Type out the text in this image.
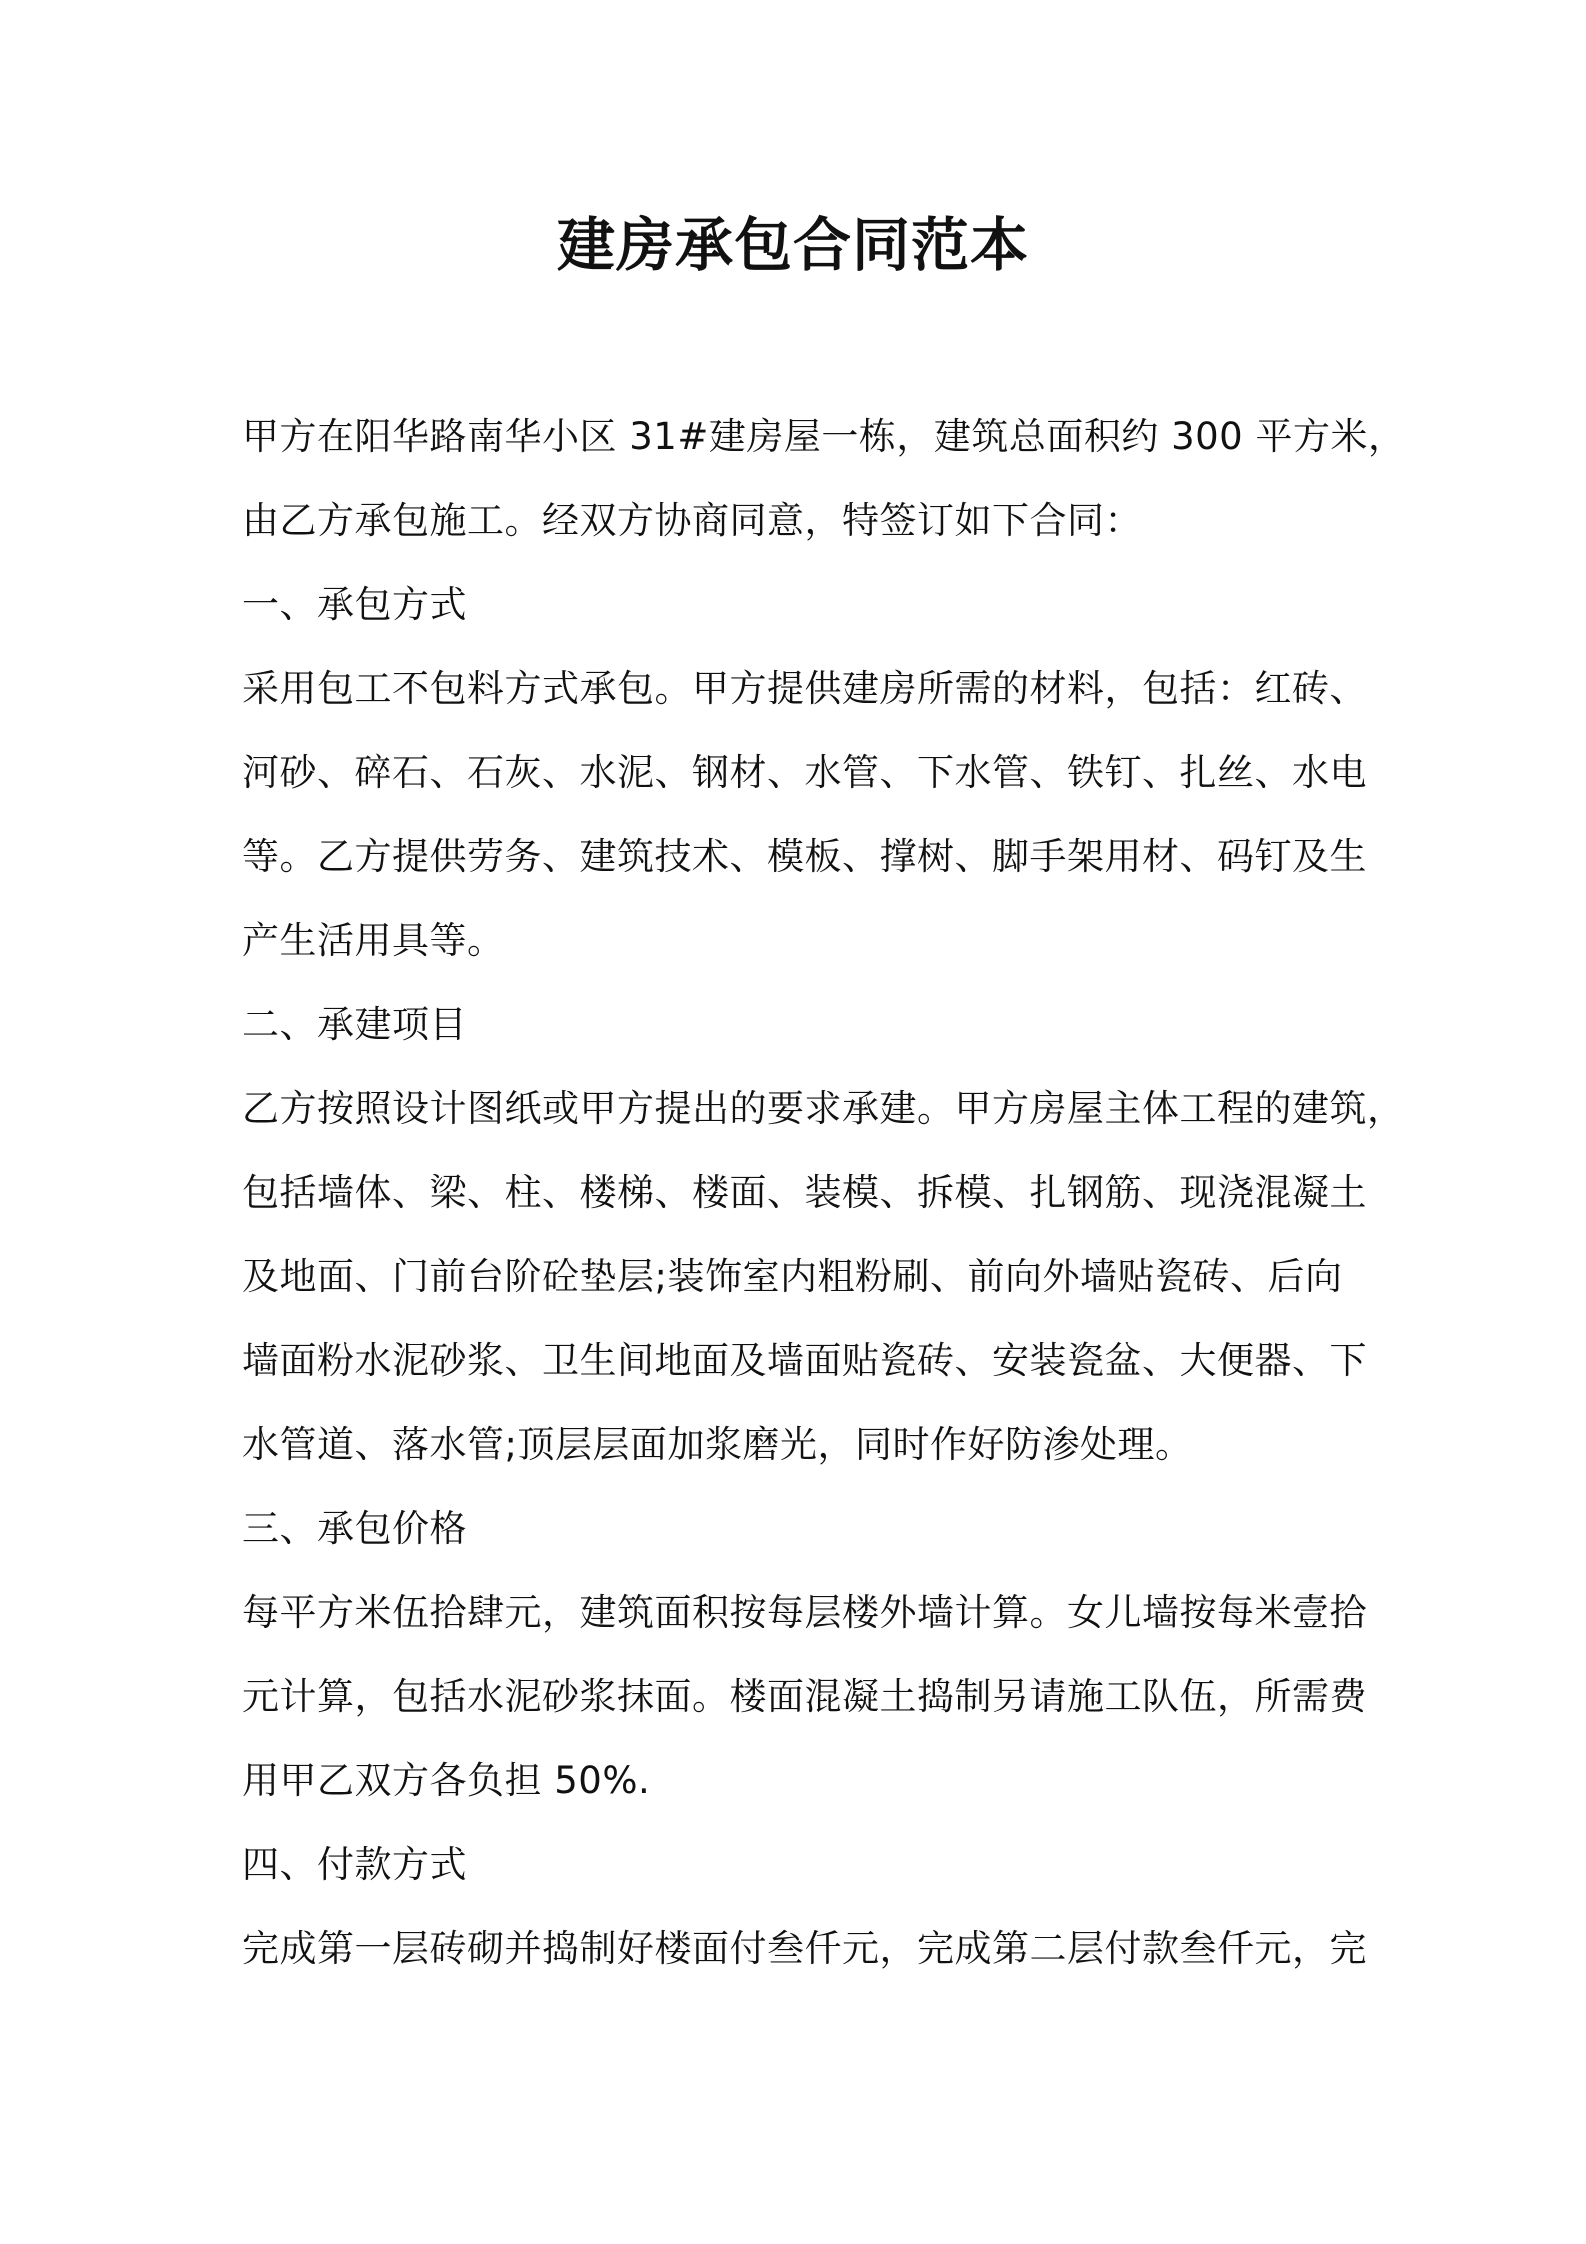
建房承包合同范本
甲方在阳华路南华小区 31#建房屋一栋，建筑总面积约 300 平方米，
由乙方承包施工。经双方协商同意，特签订如下合同：
一、承包方式
采用包工不包料方式承包。甲方提供建房所需的材料，包括：红砖、
河砂、碎石、石灰、水泥、钢材、水管、下水管、铁钉、扎丝、水电
等。乙方提供劳务、建筑技术、模板、撑树、脚手架用材、码钉及生
产生活用具等。
二、承建项目
乙方按照设计图纸或甲方提出的要求承建。甲方房屋主体工程的建筑，
包括墙体、梁、柱、楼梯、楼面、装模、拆模、扎钢筋、现浇混凝土
及地面、门前台阶砼垫层;装饰室内粗粉刷、前向外墙贴瓷砖、后向
墙面粉水泥砂浆、卫生间地面及墙面贴瓷砖、安装瓷盆、大便器、下
水管道、落水管;顶层层面加浆磨光，同时作好防渗处理。
三、承包价格
每平方米伍拾肆元，建筑面积按每层楼外墙计算。女儿墙按每米壹拾
元计算，包括水泥砂浆抹面。楼面混凝土捣制另请施工队伍，所需费
用甲乙双方各负担 50%.
四、付款方式
完成第一层砖砌并捣制好楼面付叁仟元，完成第二层付款叁仟元，完
